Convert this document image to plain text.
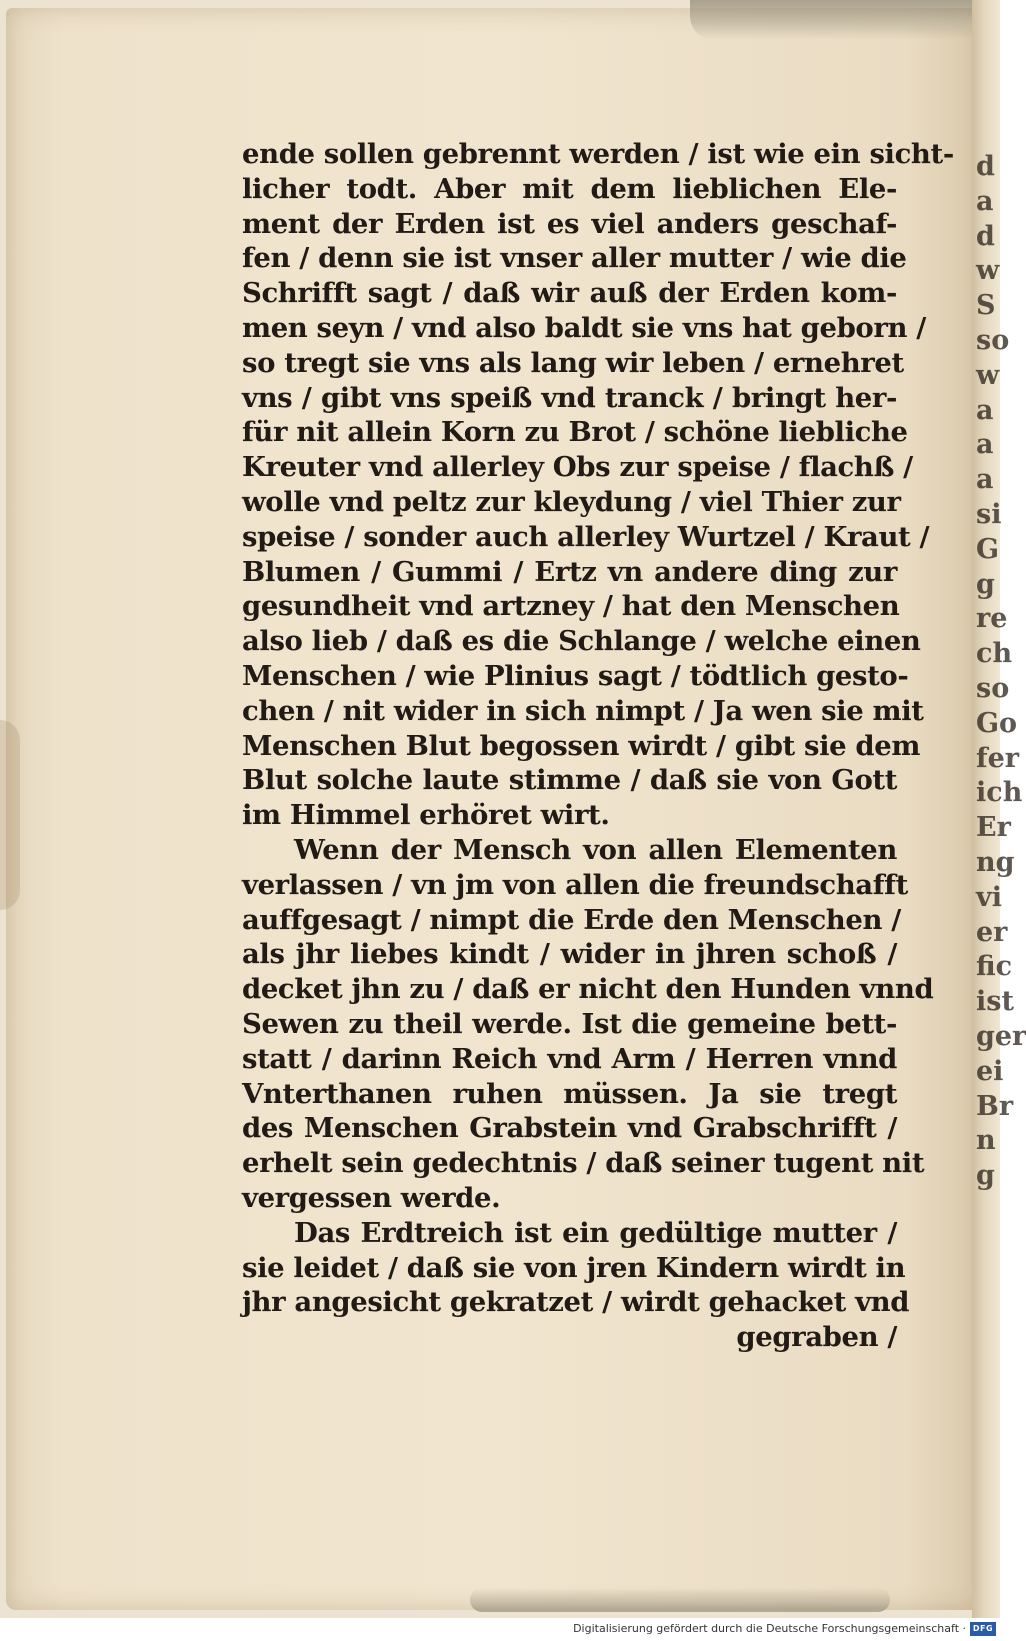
d
a
d
w
S
so
w
a
a
a
si
G
g
re
ch
so
Go
fer
ich
Er
ng
vi
er
fic
ist
ger
ei
Br
n
g
ende sollen gebrennt werden / ist wie ein sicht-
licher todt. Aber mit dem lieblichen Ele-
ment der Erden ist es viel anders geschaf-
fen / denn sie ist vnser aller mutter / wie die
Schrifft sagt / daß wir auß der Erden kom-
men seyn / vnd also baldt sie vns hat geborn /
so tregt sie vns als lang wir leben / ernehret
vns / gibt vns speiß vnd tranck / bringt her-
für nit allein Korn zu Brot / schöne liebliche
Kreuter vnd allerley Obs zur speise / flachß /
wolle vnd peltz zur kleydung / viel Thier zur
speise / sonder auch allerley Wurtzel / Kraut /
Blumen / Gummi / Ertz vn andere ding zur
gesundheit vnd artzney / hat den Menschen
also lieb / daß es die Schlange / welche einen
Menschen / wie Plinius sagt / tödtlich gesto-
chen / nit wider in sich nimpt / Ja wen sie mit
Menschen Blut begossen wirdt / gibt sie dem
Blut solche laute stimme / daß sie von Gott
im Himmel erhöret wirt.
Wenn der Mensch von allen Elementen
verlassen / vn jm von allen die freundschafft
auffgesagt / nimpt die Erde den Menschen /
als jhr liebes kindt / wider in jhren schoß /
decket jhn zu / daß er nicht den Hunden vnnd
Sewen zu theil werde. Ist die gemeine bett-
statt / darinn Reich vnd Arm / Herren vnnd
Vnterthanen ruhen müssen. Ja sie tregt
des Menschen Grabstein vnd Grabschrifft /
erhelt sein gedechtnis / daß seiner tugent nit
vergessen werde.
Das Erdtreich ist ein gedültige mutter /
sie leidet / daß sie von jren Kindern wirdt in
jhr angesicht gekratzet / wirdt gehacket vnd
gegraben /
Digitalisierung gefördert durch die Deutsche Forschungsgemeinschaft · DFG
